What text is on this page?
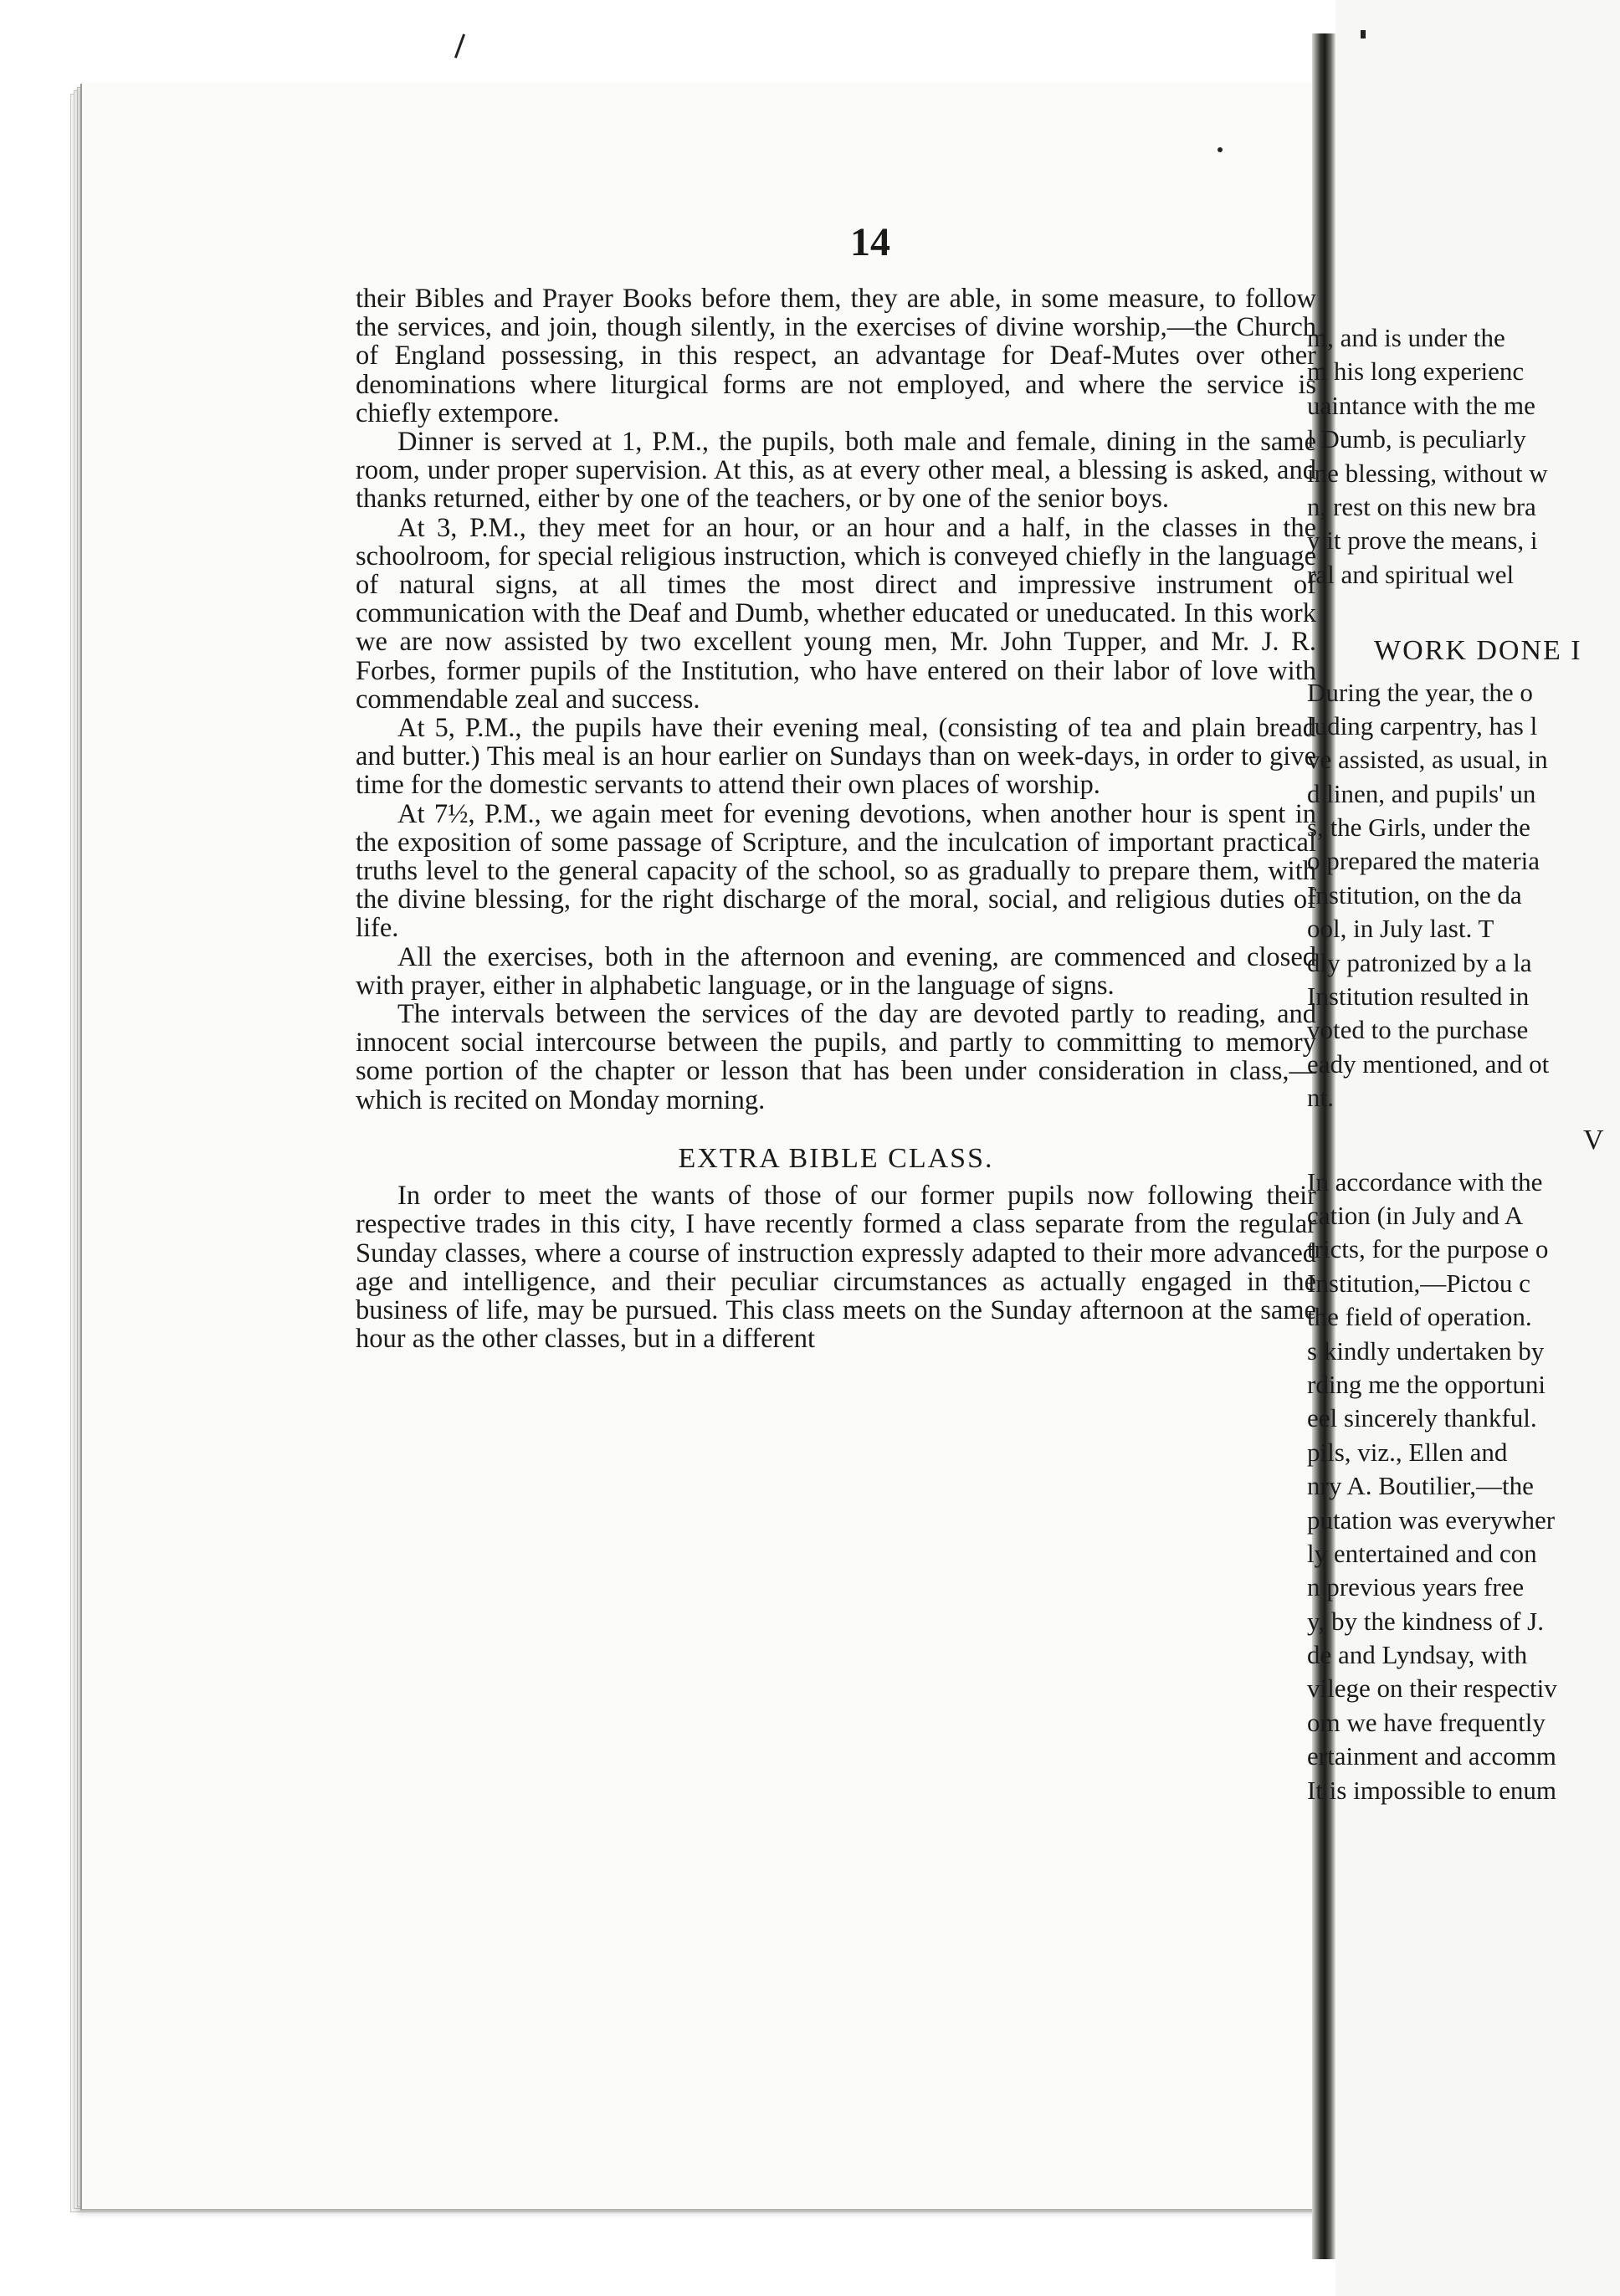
14

their Bibles and Prayer Books before them, they are able, in some measure, to follow the services, and join, though silently, in the exercises of divine worship,—the Church of England possessing, in this respect, an advantage for Deaf-Mutes over other denominations where liturgical forms are not employed, and where the service is chiefly extempore.

Dinner is served at 1, P.M., the pupils, both male and female, dining in the same room, under proper supervision. At this, as at every other meal, a blessing is asked, and thanks returned, either by one of the teachers, or by one of the senior boys.

At 3, P.M., they meet for an hour, or an hour and a half, in the classes in the schoolroom, for special religious instruction, which is conveyed chiefly in the language of natural signs, at all times the most direct and impressive instrument of communication with the Deaf and Dumb, whether educated or uneducated. In this work we are now assisted by two excellent young men, Mr. John Tupper, and Mr. J. R. Forbes, former pupils of the Institution, who have entered on their labor of love with commendable zeal and success.

At 5, P.M., the pupils have their evening meal, (consisting of tea and plain bread and butter.) This meal is an hour earlier on Sundays than on week-days, in order to give time for the domestic servants to attend their own places of worship.

At 7½, P.M., we again meet for evening devotions, when another hour is spent in the exposition of some passage of Scripture, and the inculcation of important practical truths level to the general capacity of the school, so as gradually to prepare them, with the divine blessing, for the right discharge of the moral, social, and religious duties of life.

All the exercises, both in the afternoon and evening, are commenced and closed with prayer, either in alphabetic language, or in the language of signs.

The intervals between the services of the day are devoted partly to reading, and innocent social intercourse between the pupils, and partly to committing to memory some portion of the chapter or lesson that has been under consideration in class,—which is recited on Monday morning.

EXTRA BIBLE CLASS.

In order to meet the wants of those of our former pupils now following their respective trades in this city, I have recently formed a class separate from the regular Sunday classes, where a course of instruction expressly adapted to their more advanced age and intelligence, and their peculiar circumstances as actually engaged in the business of life, may be pursued. This class meets on the Sunday afternoon at the same hour as the other classes, but in a different

m, and is under the
m his long experienc
uaintance with the me
l Dumb, is peculiarly
ine blessing, without w
n, rest on this new bra
y it prove the means, i
ral and spiritual wel
WORK DONE I
During the year, the o
luding carpentry, has l
ve assisted, as usual, in
d linen, and pupils' un
s, the Girls, under the
o prepared the materia
Institution, on the da
ool, in July last. T
dly patronized by a la
Institution resulted in
voted to the purchase
eady mentioned, and ot
nt.
V
In accordance with the
cation (in July and A
tricts, for the purpose o
Institution,—Pictou c
the field of operation.
s kindly undertaken by
rding me the opportuni
eel sincerely thankful.
pils, viz., Ellen and
nry A. Boutilier,—the
putation was everywher
ly entertained and con
n previous years free
y, by the kindness of J.
de and Lyndsay, with
vilege on their respectiv
om we have frequently
ertainment and accomm
It is impossible to enum
